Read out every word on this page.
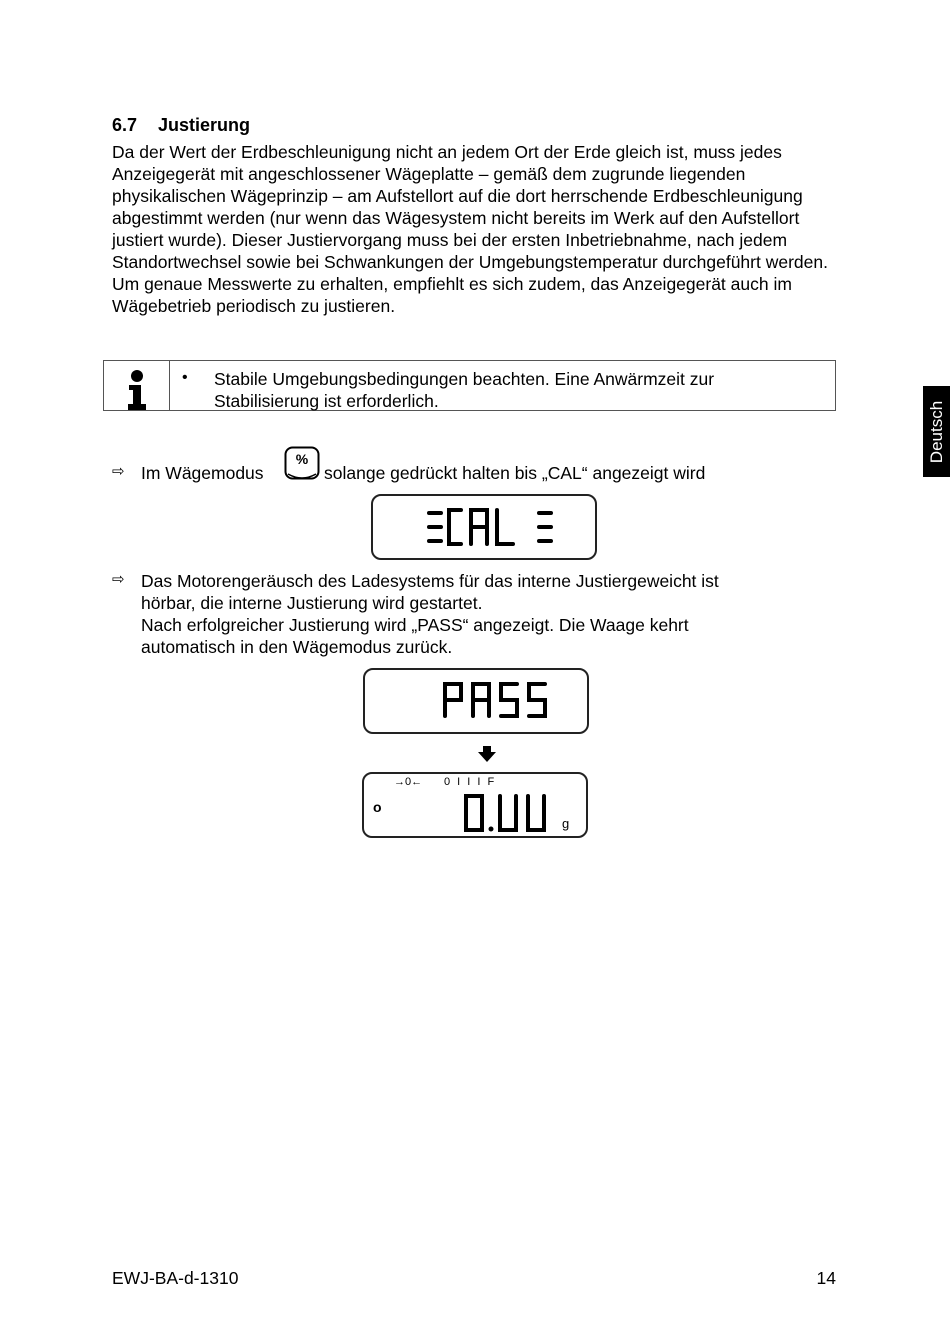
6.7 Justierung

Da der Wert der Erdbeschleunigung nicht an jedem Ort der Erde gleich ist, muss jedes Anzeigegerät mit angeschlossener Wägeplatte – gemäß dem zugrunde liegenden physikalischen Wägeprinzip – am Aufstellort auf die dort herrschende Erdbeschleunigung abgestimmt werden (nur wenn das Wägesystem nicht bereits im Werk auf den Aufstellort justiert wurde). Dieser Justiervorgang muss bei der ersten Inbetriebnahme, nach jedem Standortwechsel sowie bei Schwankungen der Umgebungstemperatur durchgeführt werden. Um genaue Messwerte zu erhalten, empfiehlt es sich zudem, das Anzeigegerät auch im Wägebetrieb periodisch zu justieren.

• Stabile Umgebungsbedingungen beachten. Eine Anwärmzeit zur Stabilisierung ist erforderlich.

⇨ Im Wägemodus
%
solange gedrückt halten bis „CAL“ angezeigt wird
⇨ Das Motorengeräusch des Ladesystems für das interne Justiergeweicht ist

hörbar, die interne Justierung wird gestartet.

Nach erfolgreicher Justierung wird „PASS“ angezeigt. Die Waage kehrt

automatisch in den Wägemodus zurück.

→0← 0 I I I F
o
g
Deutsch
EWJ-BA-d-1310	14
